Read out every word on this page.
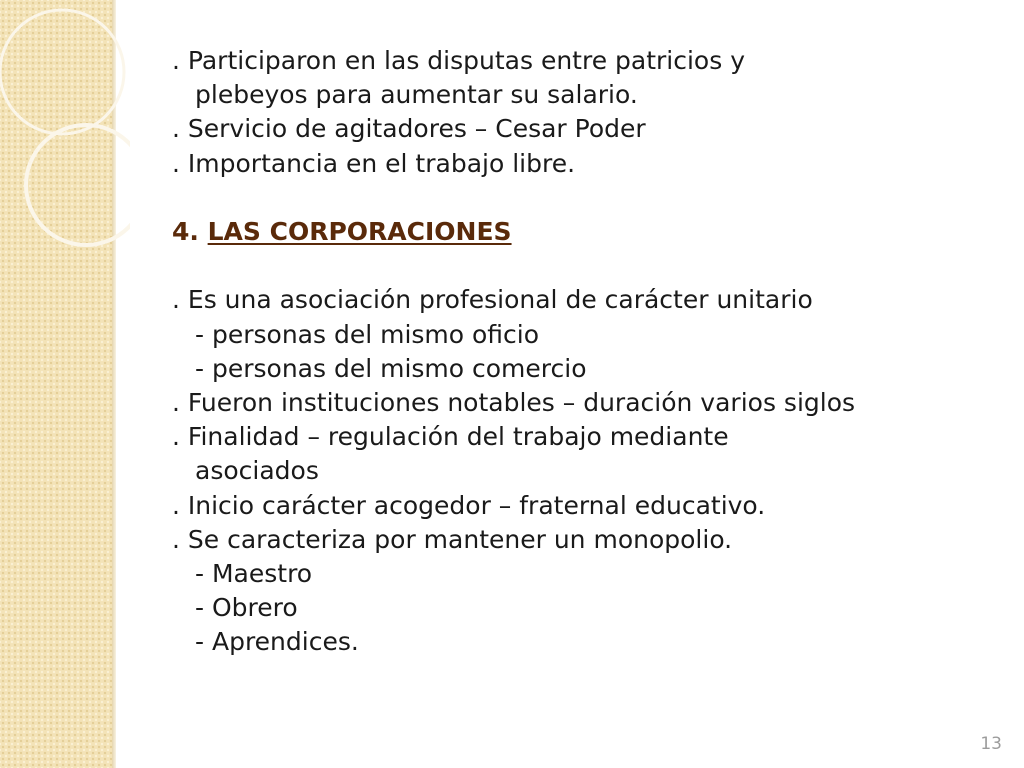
. Participaron en las disputas entre patricios y
plebeyos para aumentar su salario.
. Servicio de agitadores – Cesar Poder
. Importancia en el trabajo libre.
4. LAS CORPORACIONES
. Es una asociación profesional de carácter unitario
- personas del mismo oficio
- personas del mismo comercio
. Fueron instituciones notables – duración varios siglos
. Finalidad – regulación del trabajo mediante
asociados
. Inicio carácter acogedor – fraternal educativo.
. Se caracteriza por mantener un monopolio.
- Maestro
- Obrero
- Aprendices.
13
